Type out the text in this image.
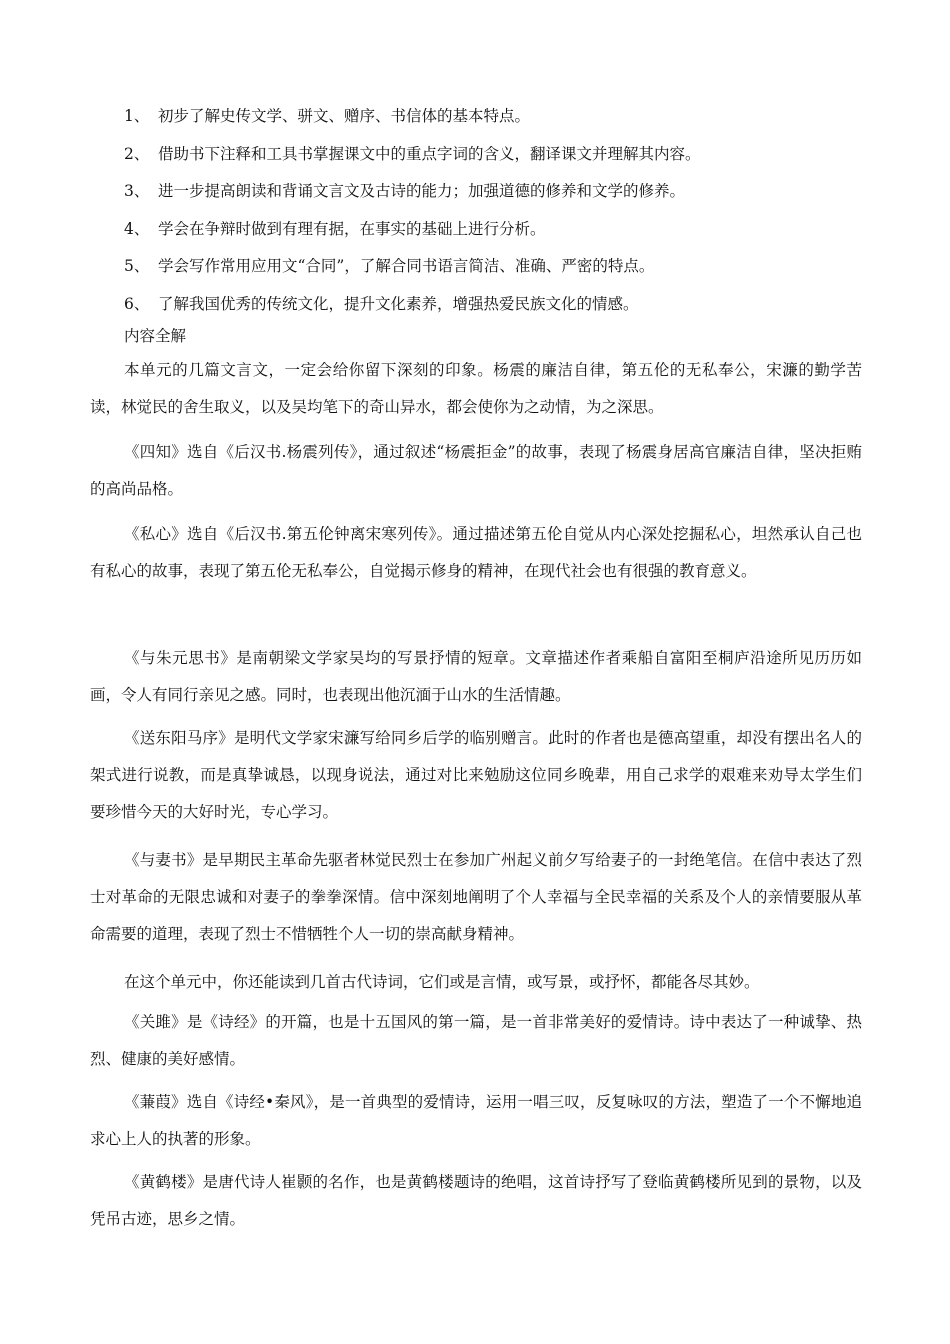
1、 初步了解史传文学、骈文、赠序、书信体的基本特点。
2、 借助书下注释和工具书掌握课文中的重点字词的含义，翻译课文并理解其内容。
3、 进一步提高朗读和背诵文言文及古诗的能力；加强道德的修养和文学的修养。
4、 学会在争辩时做到有理有据，在事实的基础上进行分析。
5、 学会写作常用应用文“合同”，了解合同书语言简洁、准确、严密的特点。
6、 了解我国优秀的传统文化，提升文化素养，增强热爱民族文化的情感。
内容全解

本单元的几篇文言文，一定会给你留下深刻的印象。杨震的廉洁自律，第五伦的无私奉公，宋濂的勤学苦读，林觉民的舍生取义，以及吴均笔下的奇山异水，都会使你为之动情，为之深思。

《四知》选自《后汉书.杨震列传》，通过叙述“杨震拒金”的故事，表现了杨震身居高官廉洁自律，坚决拒贿的高尚品格。

《私心》选自《后汉书.第五伦钟离宋寒列传》。通过描述第五伦自觉从内心深处挖掘私心，坦然承认自己也有私心的故事，表现了第五伦无私奉公，自觉揭示修身的精神，在现代社会也有很强的教育意义。

《与朱元思书》是南朝梁文学家吴均的写景抒情的短章。文章描述作者乘船自富阳至桐庐沿途所见历历如画，令人有同行亲见之感。同时，也表现出他沉湎于山水的生活情趣。

《送东阳马序》是明代文学家宋濂写给同乡后学的临别赠言。此时的作者也是德高望重，却没有摆出名人的架式进行说教，而是真挚诚恳，以现身说法，通过对比来勉励这位同乡晚辈，用自己求学的艰难来劝导太学生们要珍惜今天的大好时光，专心学习。

《与妻书》是早期民主革命先驱者林觉民烈士在参加广州起义前夕写给妻子的一封绝笔信。在信中表达了烈士对革命的无限忠诚和对妻子的拳拳深情。信中深刻地阐明了个人幸福与全民幸福的关系及个人的亲情要服从革命需要的道理，表现了烈士不惜牺牲个人一切的崇高献身精神。

在这个单元中，你还能读到几首古代诗词，它们或是言情，或写景，或抒怀，都能各尽其妙。

《关雎》是《诗经》的开篇，也是十五国风的第一篇，是一首非常美好的爱情诗。诗中表达了一种诚挚、热烈、健康的美好感情。

《蒹葭》选自《诗经•秦风》，是一首典型的爱情诗，运用一唱三叹，反复咏叹的方法，塑造了一个不懈地追求心上人的执著的形象。

《黄鹤楼》是唐代诗人崔颢的名作，也是黄鹤楼题诗的绝唱，这首诗抒写了登临黄鹤楼所见到的景物，以及凭吊古迹，思乡之情。
